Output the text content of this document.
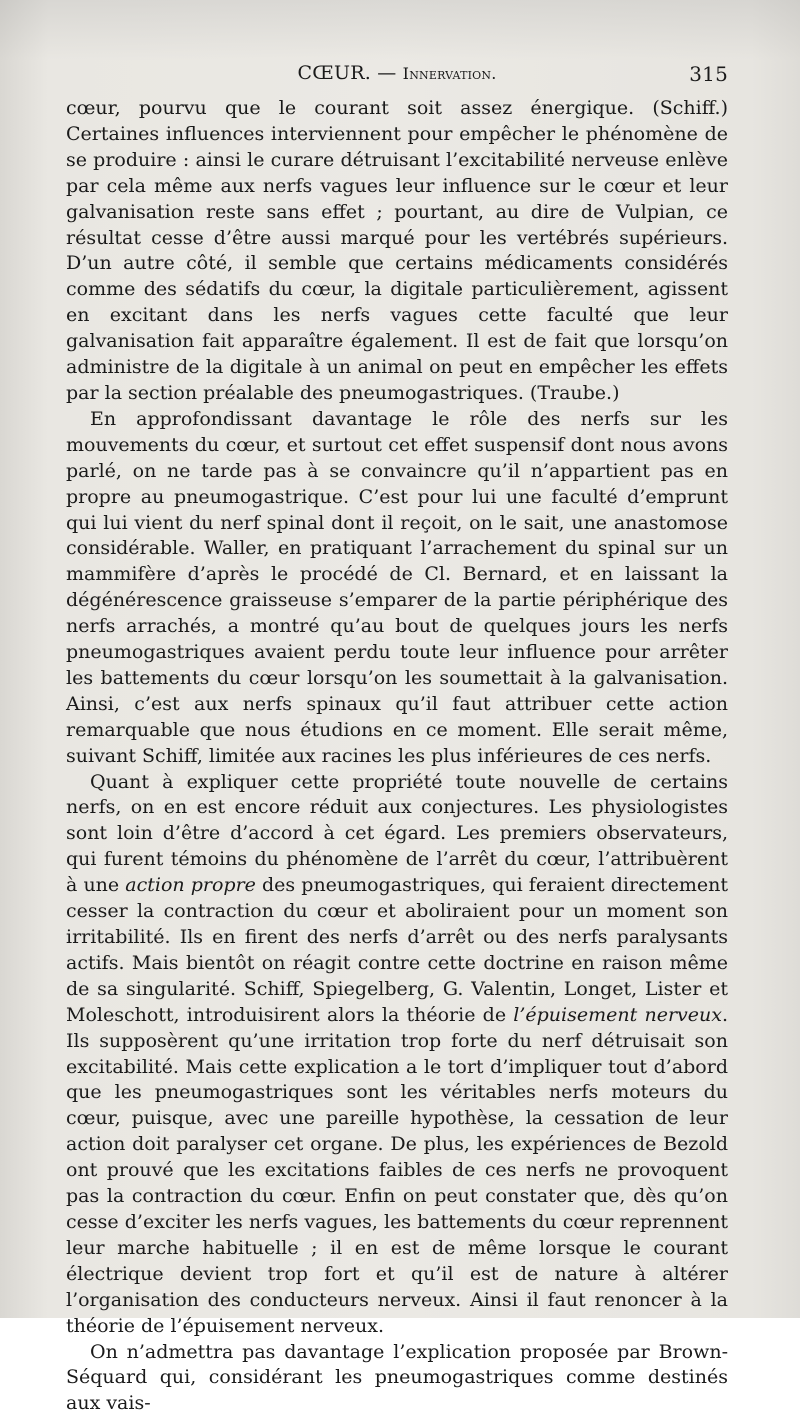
CŒUR. — Innervation.	315

cœur, pourvu que le courant soit assez énergique. (Schiff.) Certaines influences interviennent pour empêcher le phénomène de se produire : ainsi le curare détruisant l’excitabilité nerveuse enlève par cela même aux nerfs vagues leur influence sur le cœur et leur galvanisation reste sans effet ; pourtant, au dire de Vulpian, ce résultat cesse d’être aussi marqué pour les vertébrés supérieurs. D’un autre côté, il semble que certains médicaments considérés comme des sédatifs du cœur, la digitale particulièrement, agissent en excitant dans les nerfs vagues cette faculté que leur galvanisation fait apparaître également. Il est de fait que lorsqu’on administre de la digitale à un animal on peut en empêcher les effets par la section préalable des pneumogastriques. (Traube.)

En approfondissant davantage le rôle des nerfs sur les mouvements du cœur, et surtout cet effet suspensif dont nous avons parlé, on ne tarde pas à se convaincre qu’il n’appartient pas en propre au pneumogastrique. C’est pour lui une faculté d’emprunt qui lui vient du nerf spinal dont il reçoit, on le sait, une anastomose considérable. Waller, en pratiquant l’arrachement du spinal sur un mammifère d’après le procédé de Cl. Bernard, et en laissant la dégénérescence graisseuse s’emparer de la partie périphérique des nerfs arrachés, a montré qu’au bout de quelques jours les nerfs pneumogastriques avaient perdu toute leur influence pour arrêter les battements du cœur lorsqu’on les soumettait à la galvanisation. Ainsi, c’est aux nerfs spinaux qu’il faut attribuer cette action remarquable que nous étudions en ce moment. Elle serait même, suivant Schiff, limitée aux racines les plus inférieures de ces nerfs.

Quant à expliquer cette propriété toute nouvelle de certains nerfs, on en est encore réduit aux conjectures. Les physiologistes sont loin d’être d’accord à cet égard. Les premiers observateurs, qui furent témoins du phénomène de l’arrêt du cœur, l’attribuèrent à une action propre des pneumogastriques, qui feraient directement cesser la contraction du cœur et aboliraient pour un moment son irritabilité. Ils en firent des nerfs d’arrêt ou des nerfs paralysants actifs. Mais bientôt on réagit contre cette doctrine en raison même de sa singularité. Schiff, Spiegelberg, G. Valentin, Longet, Lister et Moleschott, introduisirent alors la théorie de l’épuisement nerveux. Ils supposèrent qu’une irritation trop forte du nerf détruisait son excitabilité. Mais cette explication a le tort d’impliquer tout d’abord que les pneumogastriques sont les véritables nerfs moteurs du cœur, puisque, avec une pareille hypothèse, la cessation de leur action doit paralyser cet organe. De plus, les expériences de Bezold ont prouvé que les excitations faibles de ces nerfs ne provoquent pas la contraction du cœur. Enfin on peut constater que, dès qu’on cesse d’exciter les nerfs vagues, les battements du cœur reprennent leur marche habituelle ; il en est de même lorsque le courant électrique devient trop fort et qu’il est de nature à altérer l’organisation des conducteurs nerveux. Ainsi il faut renoncer à la théorie de l’épuisement nerveux.

On n’admettra pas davantage l’explication proposée par Brown-Séquard qui, considérant les pneumogastriques comme destinés aux vais-
